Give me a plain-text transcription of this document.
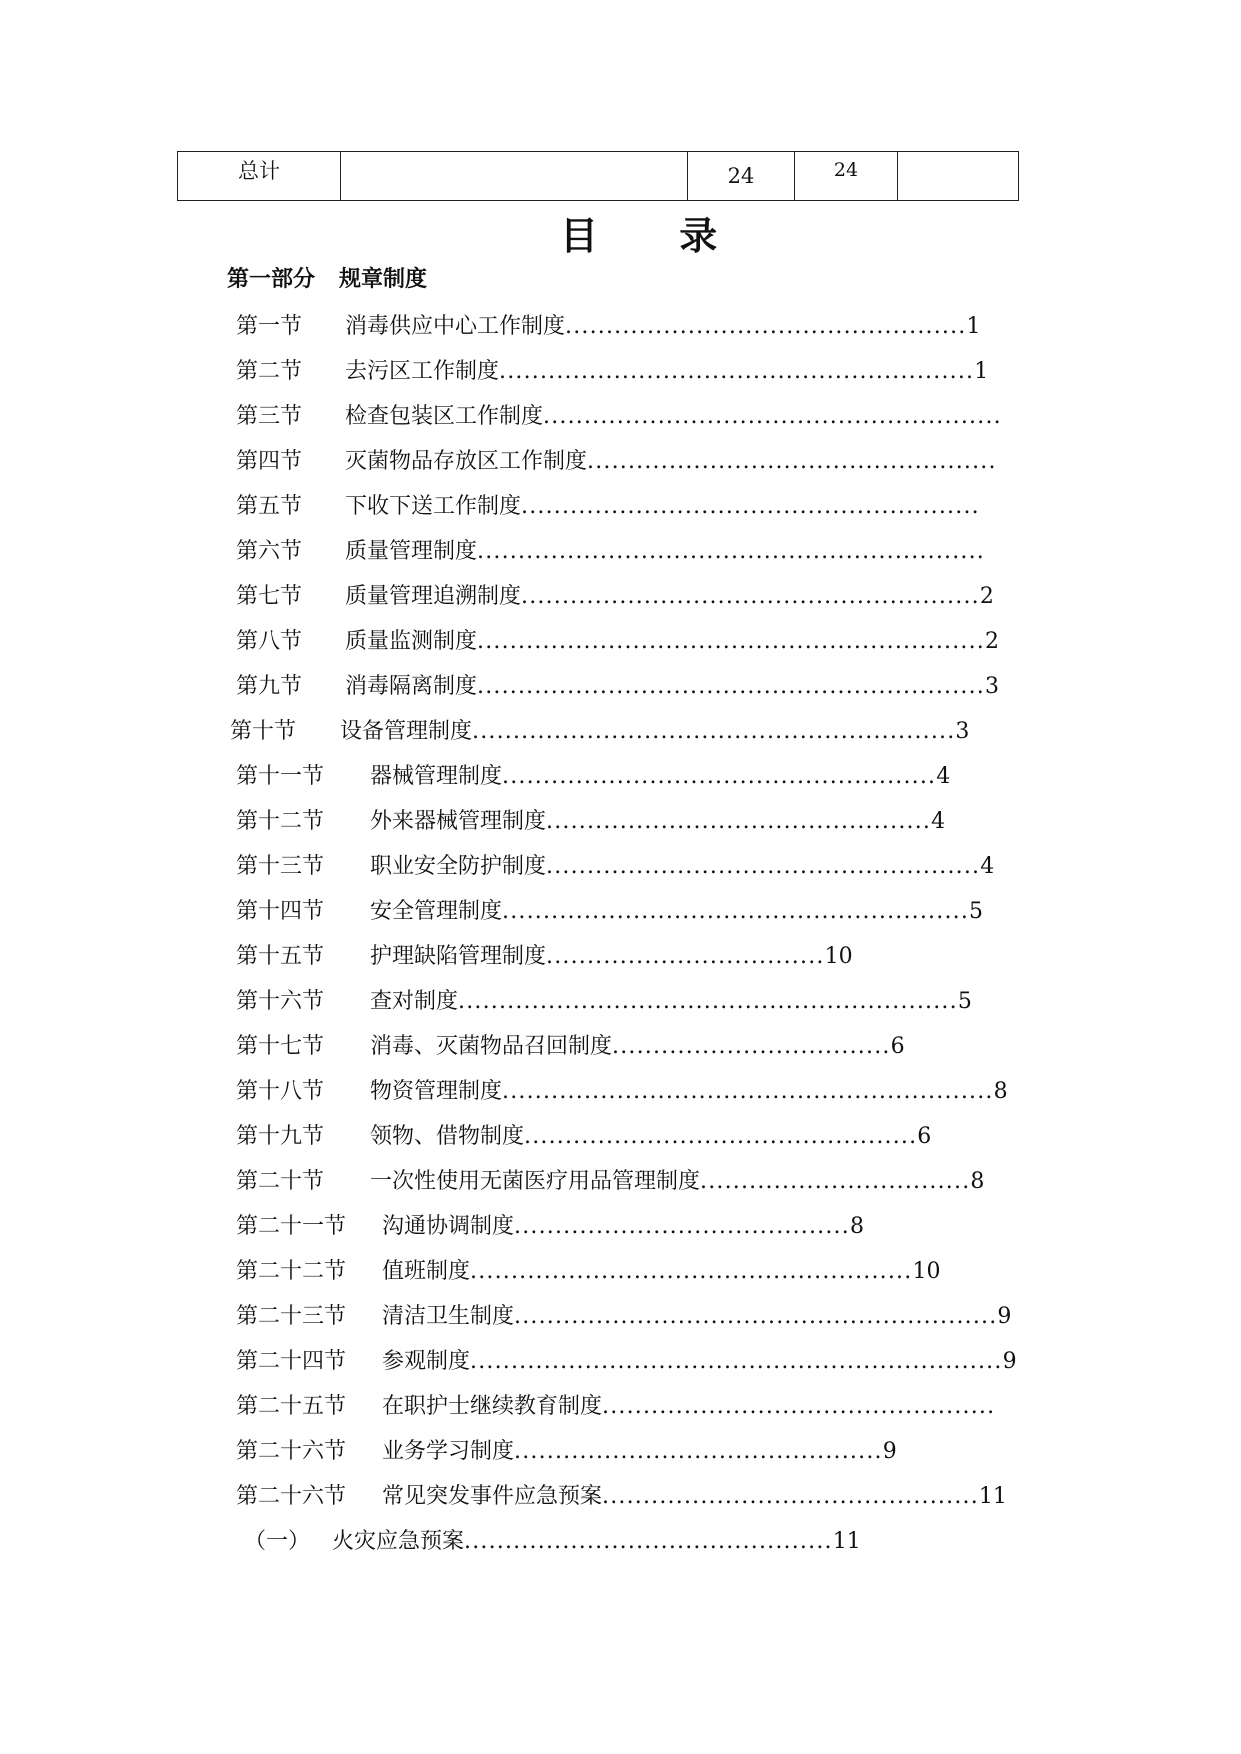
总计		24	24	
目 录
第一部分 规章制度
第一节 消毒供应中心工作制度.................................................1
第二节 去污区工作制度..........................................................1
第三节 检查包装区工作制度........................................................
第四节 灭菌物品存放区工作制度..................................................
第五节 下收下送工作制度........................................................
第六节 质量管理制度..............................................................
第七节 质量管理追溯制度........................................................2
第八节 质量监测制度..............................................................2
第九节 消毒隔离制度..............................................................3
第十节 设备管理制度...........................................................3
第十一节 器械管理制度.....................................................4
第十二节 外来器械管理制度...............................................4
第十三节 职业安全防护制度.....................................................4
第十四节 安全管理制度.........................................................5
第十五节 护理缺陷管理制度..................................10
第十六节 查对制度.............................................................5
第十七节 消毒、灭菌物品召回制度..................................6
第十八节 物资管理制度............................................................8
第十九节 领物、借物制度................................................6
第二十节 一次性使用无菌医疗用品管理制度.................................8
第二十一节 沟通协调制度.........................................8
第二十二节 值班制度......................................................10
第二十三节 清洁卫生制度...........................................................9
第二十四节 参观制度.................................................................9
第二十五节 在职护士继续教育制度................................................
第二十六节 业务学习制度.............................................9
第二十六节 常见突发事件应急预案..............................................11
（一） 火灾应急预案.............................................11
